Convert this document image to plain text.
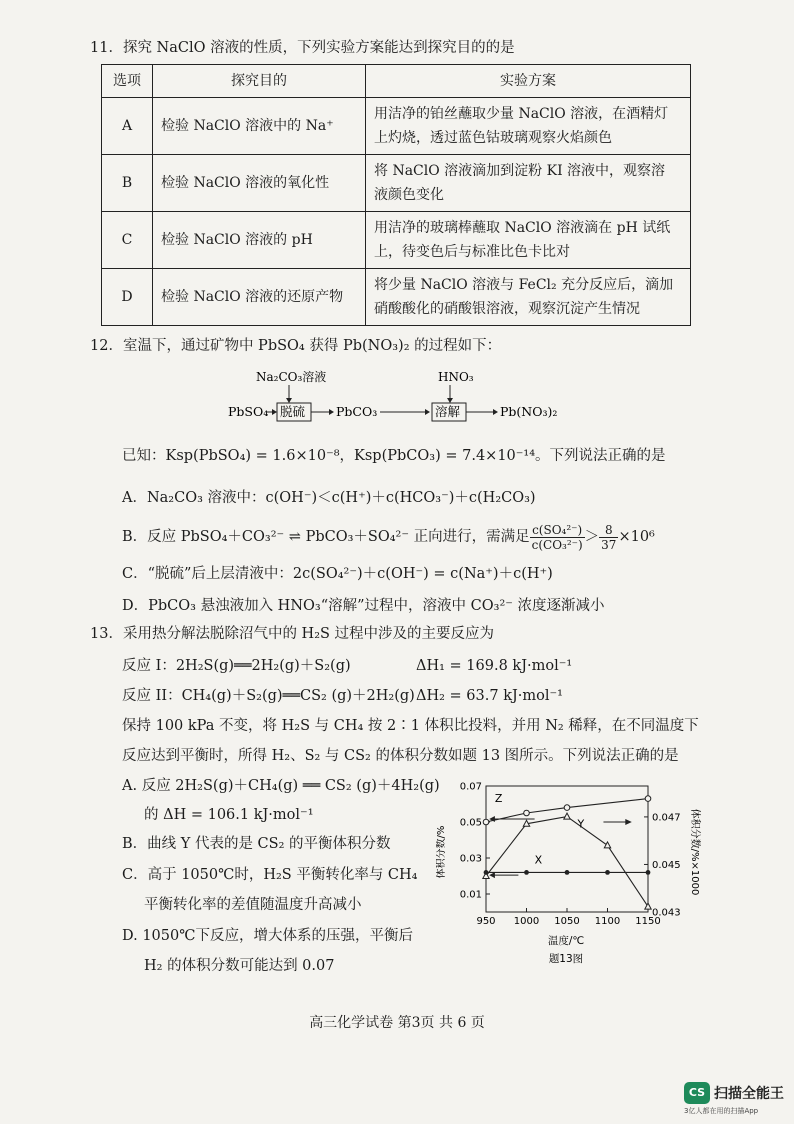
11．探究 NaClO 溶液的性质，下列实验方案能达到探究目的的是
选项	探究目的	实验方案
A	检验 NaClO 溶液中的 Na⁺	用洁净的铂丝蘸取少量 NaClO 溶液，在酒精灯
上灼烧，透过蓝色钴玻璃观察火焰颜色
B	检验 NaClO 溶液的氧化性	将 NaClO 溶液滴加到淀粉 KI 溶液中，观察溶
液颜色变化
C	检验 NaClO 溶液的 pH	用洁净的玻璃棒蘸取 NaClO 溶液滴在 pH 试纸
上，待变色后与标准比色卡比对
D	检验 NaClO 溶液的还原产物	将少量 NaClO 溶液与 FeCl₂ 充分反应后，滴加
硝酸酸化的硝酸银溶液，观察沉淀产生情况
12．室温下，通过矿物中 PbSO₄ 获得 Pb(NO₃)₂ 的过程如下：
Na₂CO₃溶液	HNO₃
PbSO₄ 脱硫 PbCO₃	溶解	Pb(NO₃)₂
已知：Ksp(PbSO₄) = 1.6×10⁻⁸，Ksp(PbCO₃) = 7.4×10⁻¹⁴。下列说法正确的是
A．Na₂CO₃ 溶液中：c(OH⁻)＜c(H⁺)＋c(HCO₃⁻)＋c(H₂CO₃)
B．反应 PbSO₄＋CO₃²⁻ ⇌ PbCO₃＋SO₄²⁻ 正向进行，需满足 $\frac{\text{c(SO₄²⁻)}}{\text{c(CO₃²⁻)}} > \frac{8}{37} \times 10^6$
C．“脱硫”后上层清液中：2c(SO₄²⁻)＋c(OH⁻) = c(Na⁺)＋c(H⁺)
D．PbCO₃ 悬浊液加入 HNO₃“溶解”过程中，溶液中 CO₃²⁻ 浓度逐渐减小
13．采用热分解法脱除沼气中的 H₂S 过程中涉及的主要反应为
反应 I：2H₂S(g)══2H₂(g)＋S₂(g)	ΔH₁ = 169.8 kJ·mol⁻¹
反应 II：CH₄(g)＋S₂(g)══CS₂ (g)＋2H₂(g) ΔH₂ = 63.7 kJ·mol⁻¹
保持 100 kPa 不变，将 H₂S 与 CH₄ 按 2∶1 体积比投料，并用 N₂ 稀释，在不同温度下
反应达到平衡时，所得 H₂、S₂ 与 CS₂ 的体积分数如题 13 图所示。下列说法正确的是
A. 反应 2H₂S(g)＋CH₄(g) ══ CS₂ (g)＋4H₂(g)
的 ΔH = 106.1 kJ·mol⁻¹
B．曲线 Y 代表的是 CS₂ 的平衡体积分数
C．高于 1050℃时，H₂S 平衡转化率与 CH₄
平衡转化率的差值随温度升高减小
D. 1050℃下反应，增大体系的压强，平衡后
H₂ 的体积分数可能达到 0.07
950 1000 1050 1100 1150
0.01
0.03
0.05
0.07
0.043
0.045
0.047
Z
Y
X
体积分数/%	体积分数/%×1000
温度/℃
题13图
高三化学试卷 第3页 共 6 页
CS 扫描全能王
3亿人都在用的扫描App
